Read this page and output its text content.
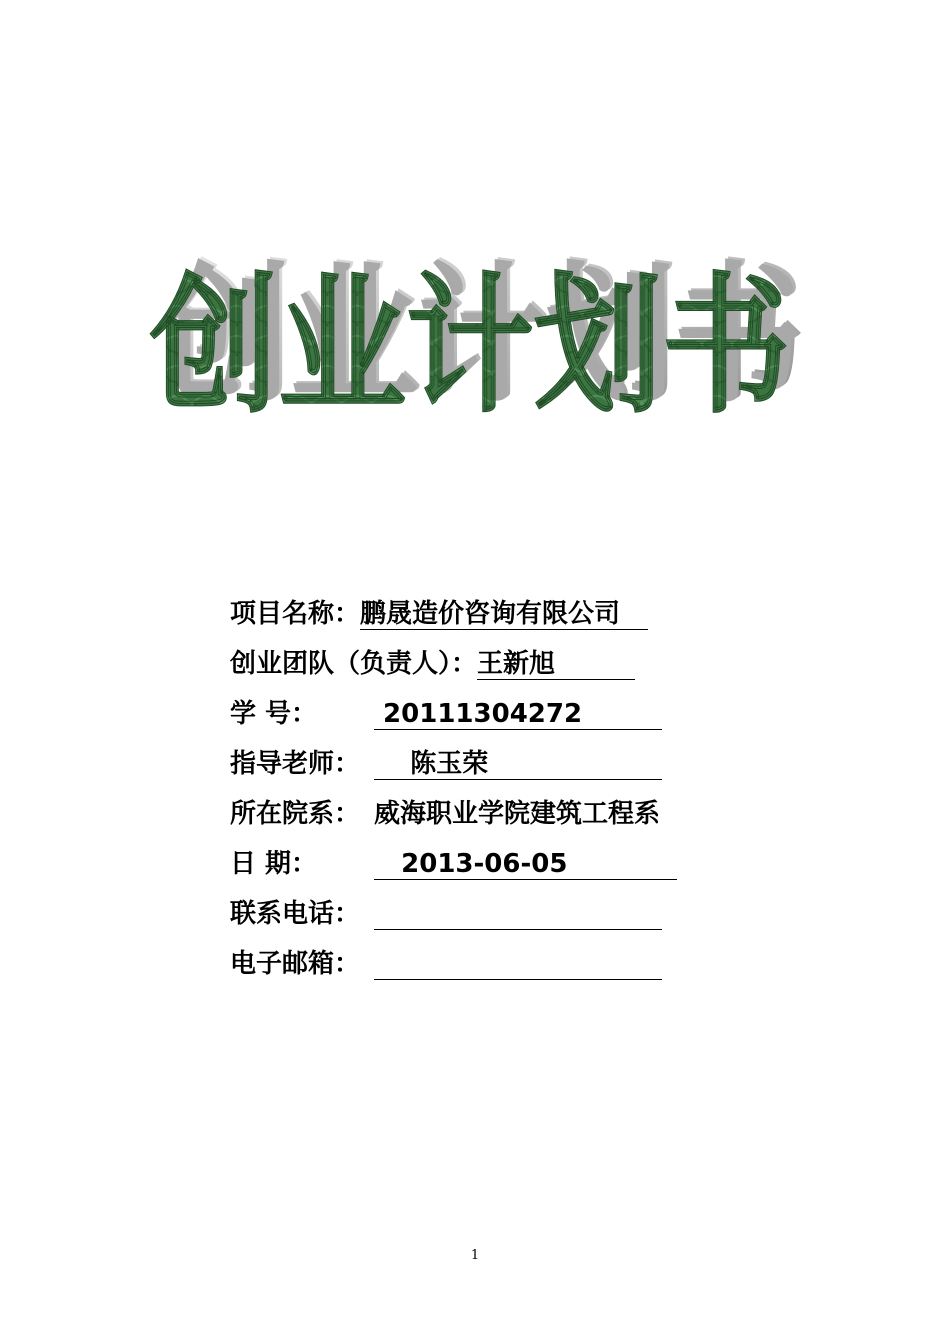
创业计划书
创业计划书
创业计划书
项目名称： 鹏晟造价咨询有限公司
创业团队（负责人）： 王新旭
学 号：	20111304272
指导老师： 陈玉荣
所在院系： 威海职业学院建筑工程系
日 期：	2013-06-05
联系电话：
电子邮箱：
1
